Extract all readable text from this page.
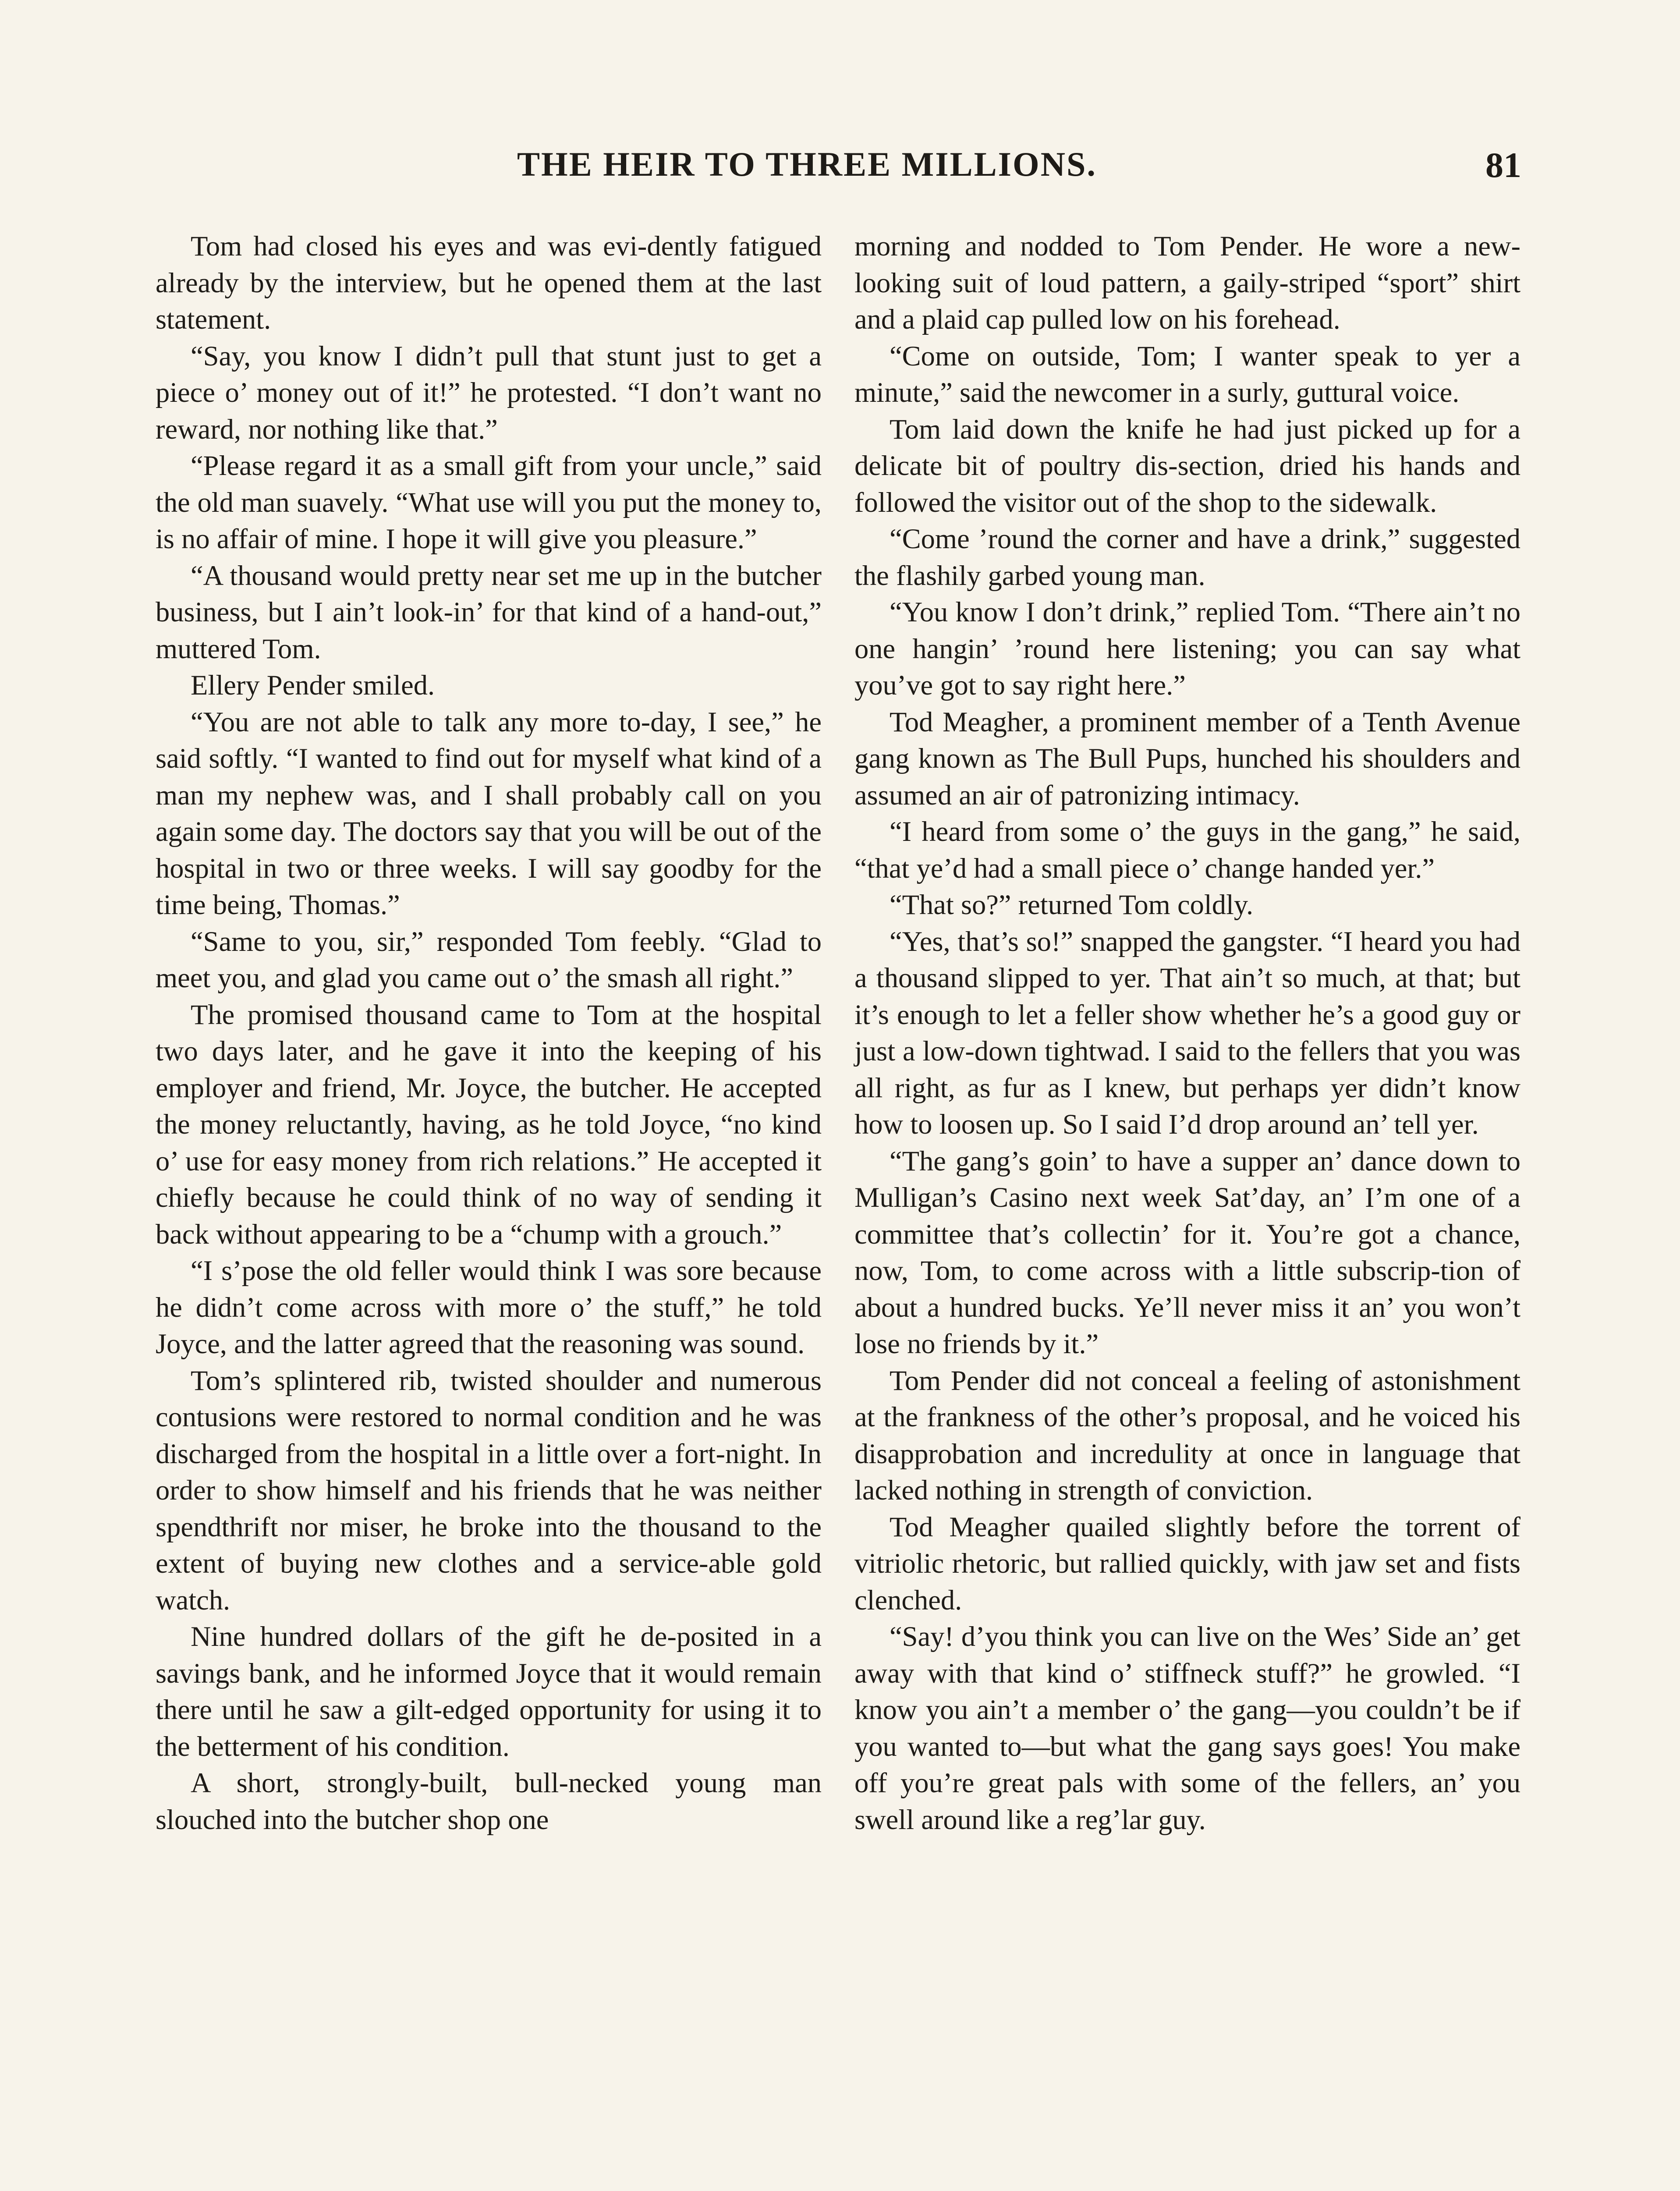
THE HEIR TO THREE MILLIONS.	81

Tom had closed his eyes and was evi-dently fatigued already by the interview, but he opened them at the last statement.

“Say, you know I didn’t pull that stunt just to get a piece o’ money out of it!” he protested. “I don’t want no reward, nor nothing like that.”

“Please regard it as a small gift from your uncle,” said the old man suavely. “What use will you put the money to, is no affair of mine. I hope it will give you pleasure.”

“A thousand would pretty near set me up in the butcher business, but I ain’t look-in’ for that kind of a hand-out,” muttered Tom.

Ellery Pender smiled.

“You are not able to talk any more to-day, I see,” he said softly. “I wanted to find out for myself what kind of a man my nephew was, and I shall probably call on you again some day. The doctors say that you will be out of the hospital in two or three weeks. I will say goodby for the time being, Thomas.”

“Same to you, sir,” responded Tom feebly. “Glad to meet you, and glad you came out o’ the smash all right.”

The promised thousand came to Tom at the hospital two days later, and he gave it into the keeping of his employer and friend, Mr. Joyce, the butcher. He accepted the money reluctantly, having, as he told Joyce, “no kind o’ use for easy money from rich relations.” He accepted it chiefly because he could think of no way of sending it back without appearing to be a “chump with a grouch.”

“I s’pose the old feller would think I was sore because he didn’t come across with more o’ the stuff,” he told Joyce, and the latter agreed that the reasoning was sound.

Tom’s splintered rib, twisted shoulder and numerous contusions were restored to normal condition and he was discharged from the hospital in a little over a fort-night. In order to show himself and his friends that he was neither spendthrift nor miser, he broke into the thousand to the extent of buying new clothes and a service-able gold watch.

Nine hundred dollars of the gift he de-posited in a savings bank, and he informed Joyce that it would remain there until he saw a gilt-edged opportunity for using it to the betterment of his condition.

A short, strongly-built, bull-necked young man slouched into the butcher shop one

morning and nodded to Tom Pender. He wore a new-looking suit of loud pattern, a gaily-striped “sport” shirt and a plaid cap pulled low on his forehead.

“Come on outside, Tom; I wanter speak to yer a minute,” said the newcomer in a surly, guttural voice.

Tom laid down the knife he had just picked up for a delicate bit of poultry dis-section, dried his hands and followed the visitor out of the shop to the sidewalk.

“Come ’round the corner and have a drink,” suggested the flashily garbed young man.

“You know I don’t drink,” replied Tom. “There ain’t no one hangin’ ’round here listening; you can say what you’ve got to say right here.”

Tod Meagher, a prominent member of a Tenth Avenue gang known as The Bull Pups, hunched his shoulders and assumed an air of patronizing intimacy.

“I heard from some o’ the guys in the gang,” he said, “that ye’d had a small piece o’ change handed yer.”

“That so?” returned Tom coldly.

“Yes, that’s so!” snapped the gangster. “I heard you had a thousand slipped to yer. That ain’t so much, at that; but it’s enough to let a feller show whether he’s a good guy or just a low-down tightwad. I said to the fellers that you was all right, as fur as I knew, but perhaps yer didn’t know how to loosen up. So I said I’d drop around an’ tell yer.

“The gang’s goin’ to have a supper an’ dance down to Mulligan’s Casino next week Sat’day, an’ I’m one of a committee that’s collectin’ for it. You’re got a chance, now, Tom, to come across with a little subscrip-tion of about a hundred bucks. Ye’ll never miss it an’ you won’t lose no friends by it.”

Tom Pender did not conceal a feeling of astonishment at the frankness of the other’s proposal, and he voiced his disapprobation and incredulity at once in language that lacked nothing in strength of conviction.

Tod Meagher quailed slightly before the torrent of vitriolic rhetoric, but rallied quickly, with jaw set and fists clenched.

“Say! d’you think you can live on the Wes’ Side an’ get away with that kind o’ stiffneck stuff?” he growled. “I know you ain’t a member o’ the gang—you couldn’t be if you wanted to—but what the gang says goes! You make off you’re great pals with some of the fellers, an’ you swell around like a reg’lar guy.
